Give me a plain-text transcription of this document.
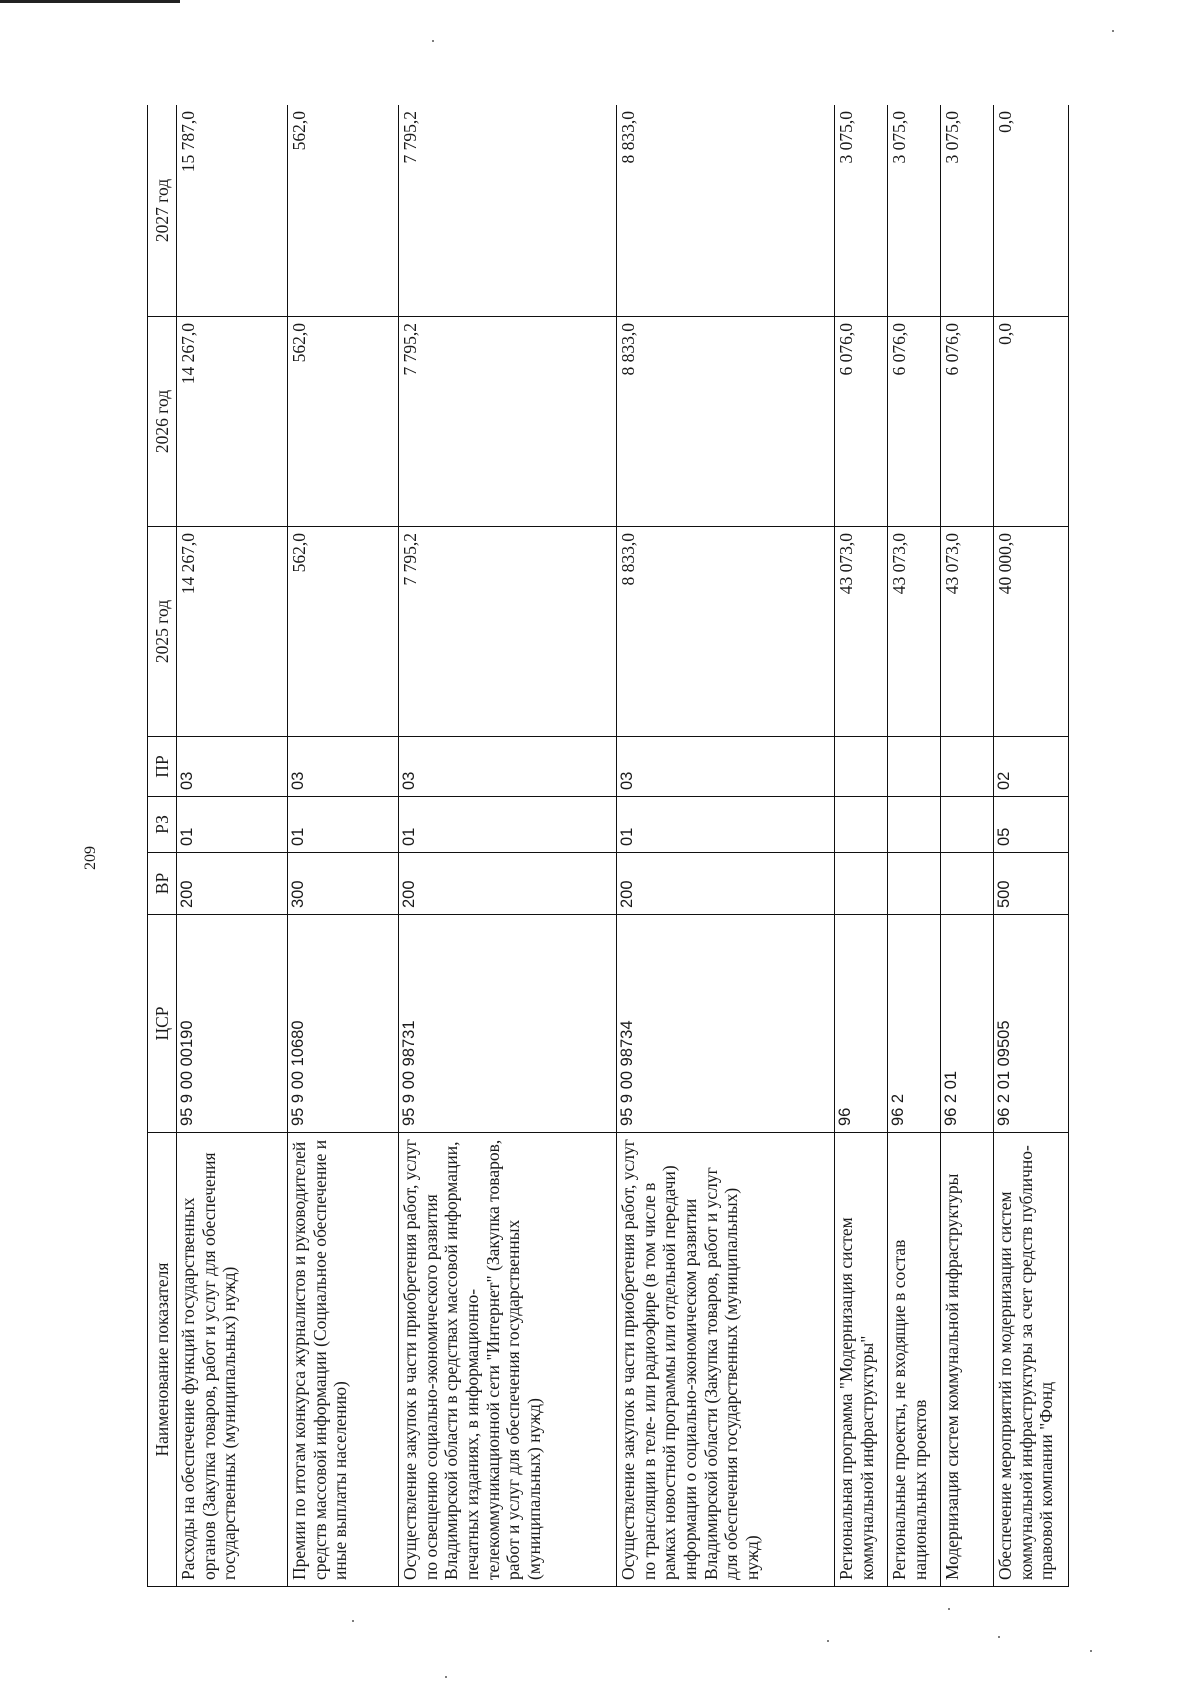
209
Наименование показателя	ЦСР	ВР	РЗ	ПР	2025 год	2026 год	2027 год
Расходы на обеспечение функций государственных органов (Закупка товаров, работ и услуг для обеспечения государственных (муниципальных) нужд)	95 9 00 00190	200	01	03	14 267,0	14 267,0	15 787,0
Премии по итогам конкурса журналистов и руководителей средств массовой информации (Социальное обеспечение и иные выплаты населению)	95 9 00 10680	300	01	03	562,0	562,0	562,0
Осуществление закупок в части приобретения работ, услуг по освещению социально-экономического развития Владимирской области в средствах массовой информации, печатных изданиях, в информационно-телекоммуникационной сети "Интернет" (Закупка товаров, работ и услуг для обеспечения государственных (муниципальных) нужд)	95 9 00 98731	200	01	03	7 795,2	7 795,2	7 795,2
Осуществление закупок в части приобретения работ, услуг по трансляции в теле- или радиоэфире (в том числе в рамках новостной программы или отдельной передачи) информации о социально-экономическом развитии Владимирской области (Закупка товаров, работ и услуг для обеспечения государственных (муниципальных) нужд)	95 9 00 98734	200	01	03	8 833,0	8 833,0	8 833,0
Региональная программа "Модернизация систем коммунальной инфраструктуры"	96				43 073,0	6 076,0	3 075,0
Региональные проекты, не входящие в состав национальных проектов	96 2				43 073,0	6 076,0	3 075,0
Модернизация систем коммунальной инфраструктуры	96 2 01				43 073,0	6 076,0	3 075,0
Обеспечение мероприятий по модернизации систем коммунальной инфраструктуры за счет средств публично-правовой компании "Фонд	96 2 01 09505	500	05	02	40 000,0	0,0	0,0
